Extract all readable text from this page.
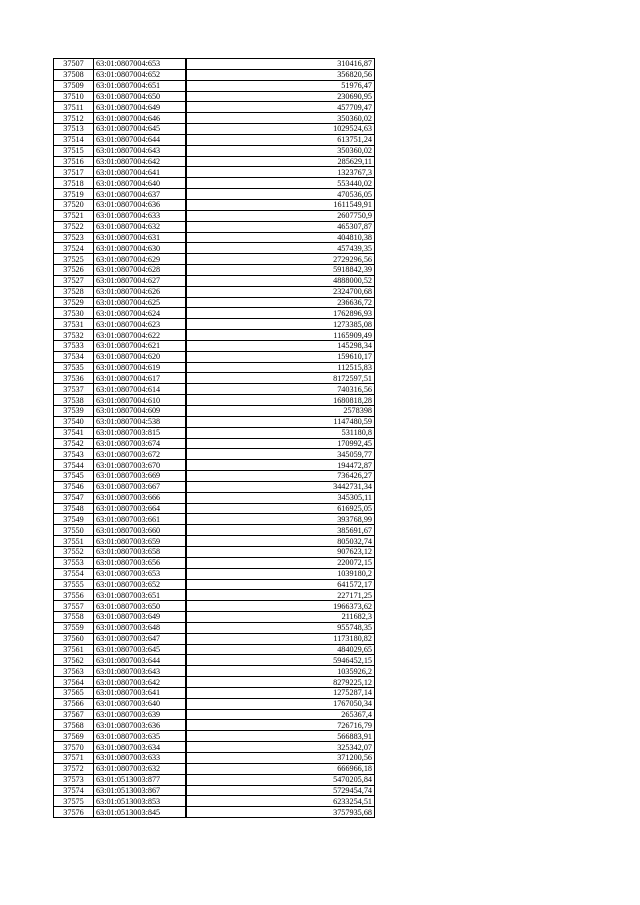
37507	63:01:0807004:653	310416,87
37508	63:01:0807004:652	356820,56
37509	63:01:0807004:651	51976,47
37510	63:01:0807004:650	230690,95
37511	63:01:0807004:649	457709,47
37512	63:01:0807004:646	350360,02
37513	63:01:0807004:645	1029524,63
37514	63:01:0807004:644	613751,24
37515	63:01:0807004:643	350360,02
37516	63:01:0807004:642	285629,11
37517	63:01:0807004:641	1323767,3
37518	63:01:0807004:640	553440,02
37519	63:01:0807004:637	470536,05
37520	63:01:0807004:636	1611549,91
37521	63:01:0807004:633	2607750,9
37522	63:01:0807004:632	465307,87
37523	63:01:0807004:631	404810,38
37524	63:01:0807004:630	457439,35
37525	63:01:0807004:629	2729296,56
37526	63:01:0807004:628	5918842,39
37527	63:01:0807004:627	4888000,52
37528	63:01:0807004:626	2324700,68
37529	63:01:0807004:625	236636,72
37530	63:01:0807004:624	1762896,93
37531	63:01:0807004:623	1273385,08
37532	63:01:0807004:622	1165909,49
37533	63:01:0807004:621	145298,34
37534	63:01:0807004:620	159610,17
37535	63:01:0807004:619	112515,83
37536	63:01:0807004:617	8172597,51
37537	63:01:0807004:614	740316,56
37538	63:01:0807004:610	1680818,28
37539	63:01:0807004:609	2578398
37540	63:01:0807004:538	1147480,59
37541	63:01:0807003:815	531180,8
37542	63:01:0807003:674	170992,45
37543	63:01:0807003:672	345059,77
37544	63:01:0807003:670	194472,87
37545	63:01:0807003:669	736426,27
37546	63:01:0807003:667	3442731,34
37547	63:01:0807003:666	345305,11
37548	63:01:0807003:664	616925,05
37549	63:01:0807003:661	393768,99
37550	63:01:0807003:660	385691,67
37551	63:01:0807003:659	805032,74
37552	63:01:0807003:658	907623,12
37553	63:01:0807003:656	220072,15
37554	63:01:0807003:653	1039180,2
37555	63:01:0807003:652	641572,17
37556	63:01:0807003:651	227171,25
37557	63:01:0807003:650	1966373,62
37558	63:01:0807003:649	211682,3
37559	63:01:0807003:648	955748,35
37560	63:01:0807003:647	1173180,82
37561	63:01:0807003:645	484029,65
37562	63:01:0807003:644	5946452,15
37563	63:01:0807003:643	1035926,2
37564	63:01:0807003:642	8279225,12
37565	63:01:0807003:641	1275287,14
37566	63:01:0807003:640	1767050,34
37567	63:01:0807003:639	265367,4
37568	63:01:0807003:636	726716,79
37569	63:01:0807003:635	566883,91
37570	63:01:0807003:634	325342,07
37571	63:01:0807003:633	371200,56
37572	63:01:0807003:632	666966,18
37573	63:01:0513003:877	5470205,84
37574	63:01:0513003:867	5729454,74
37575	63:01:0513003:853	6233254,51
37576	63:01:0513003:845	3757935,68
